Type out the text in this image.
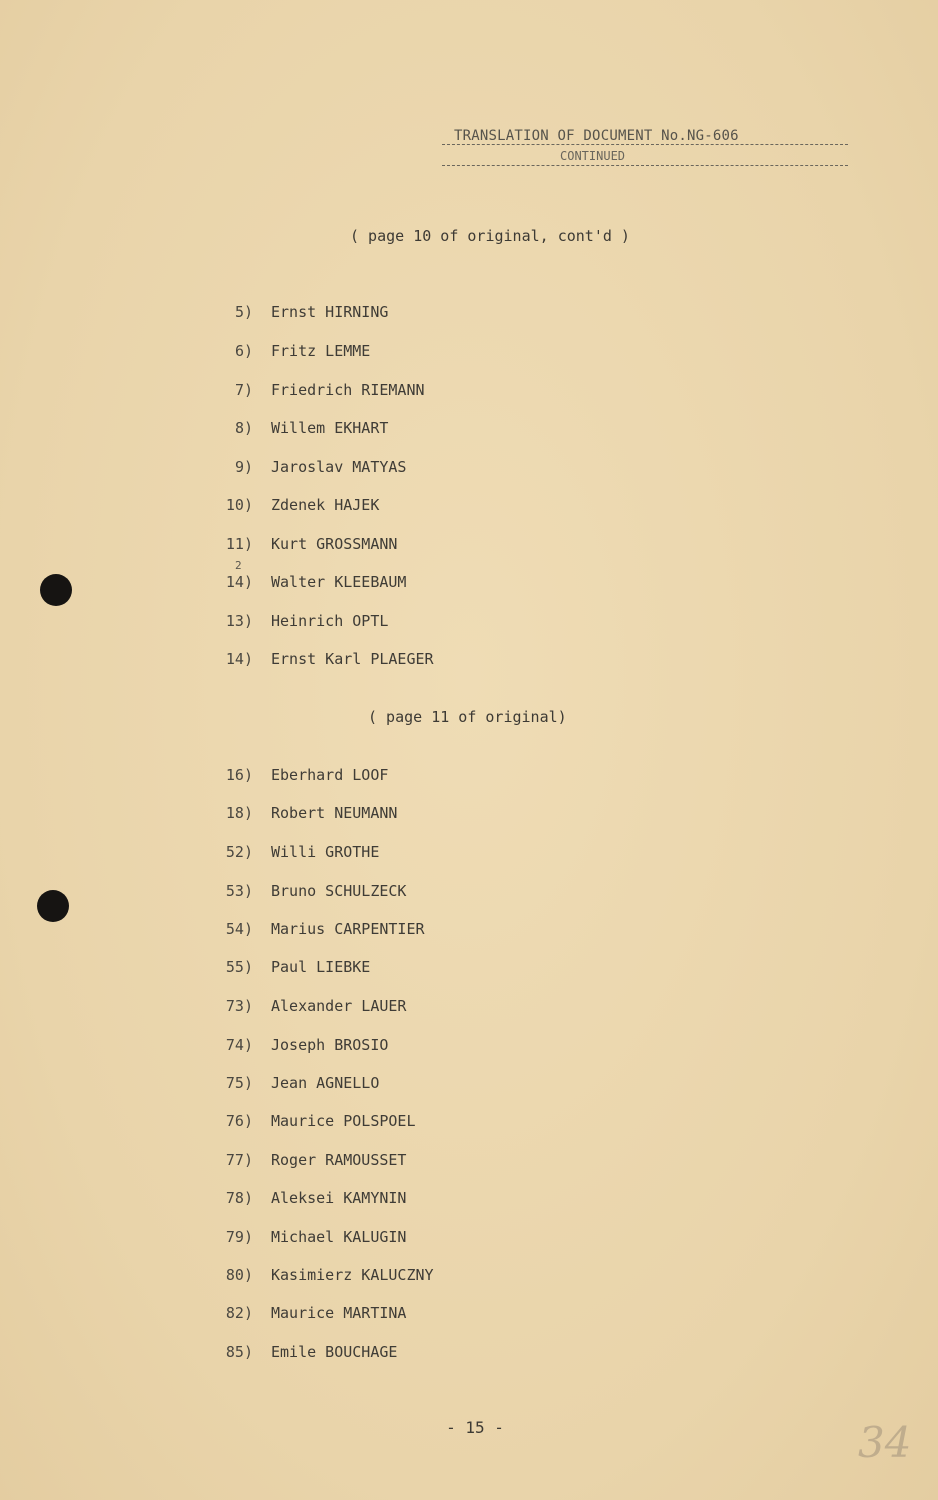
TRANSLATION OF DOCUMENT No.NG-606
CONTINUED
( page 10 of original, cont'd )
( page 11 of original)
5) Ernst HIRNING
6) Fritz LEMME
7) Friedrich RIEMANN
8) Willem EKHART
9) Jaroslav MATYAS
10) Zdenek HAJEK
11) Kurt GROSSMANN
14)
2
Walter KLEEBAUM
13) Heinrich OPTL
14) Ernst Karl PLAEGER
16) Eberhard LOOF
18) Robert NEUMANN
52) Willi GROTHE
53) Bruno SCHULZECK
54) Marius CARPENTIER
55) Paul LIEBKE
73) Alexander LAUER
74) Joseph BROSIO
75) Jean AGNELLO
76) Maurice POLSPOEL
77) Roger RAMOUSSET
78) Aleksei KAMYNIN
79) Michael KALUGIN
80) Kasimierz KALUCZNY
82) Maurice MARTINA
85) Emile BOUCHAGE
- 15 -	34
